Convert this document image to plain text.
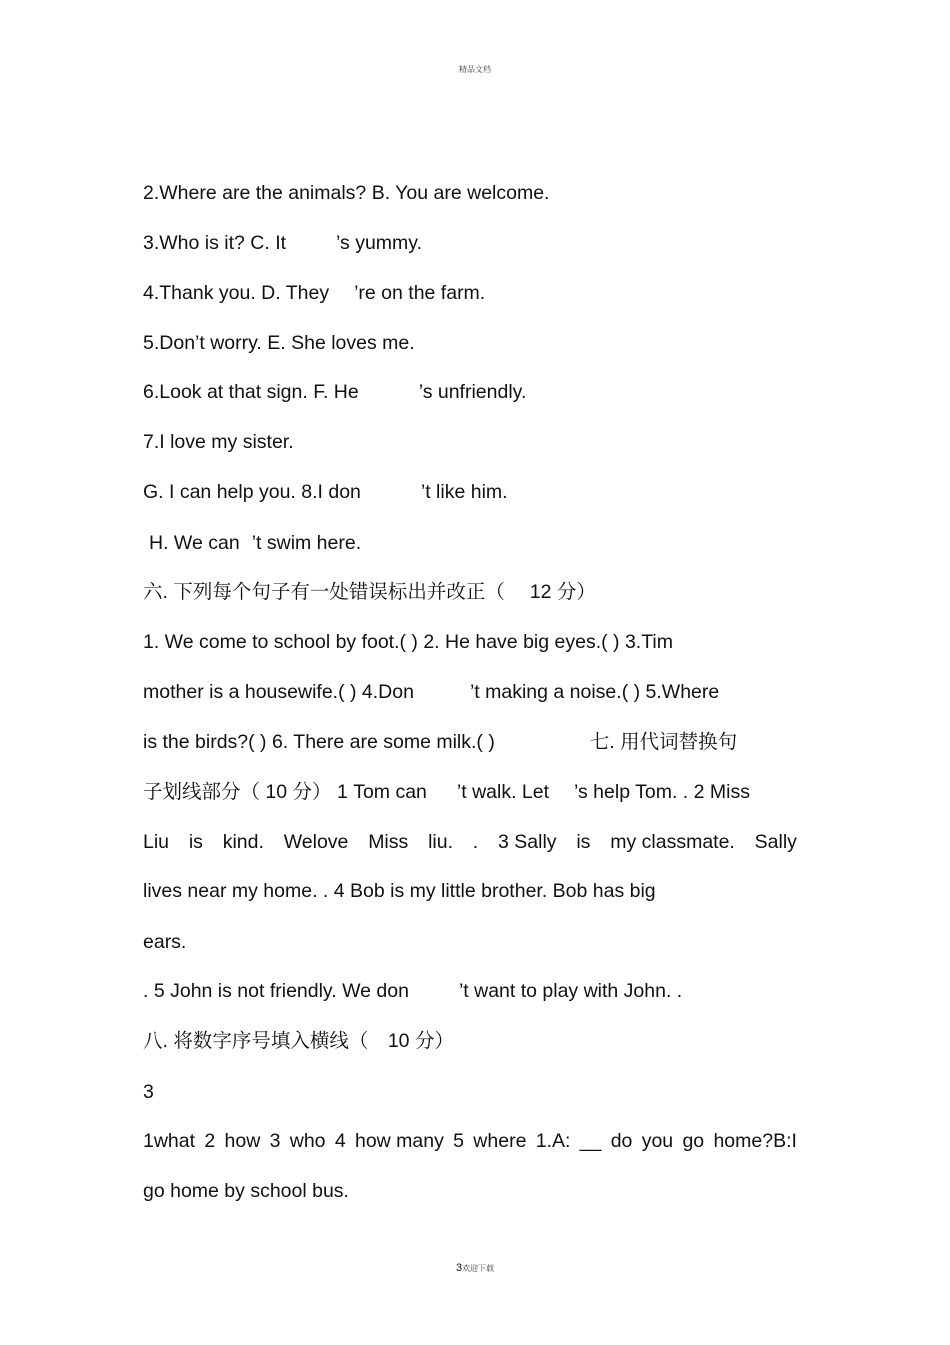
精品文档
2.Where are the animals? B. You are welcome.
3.Who is it? C. It	’s yummy.
4.Thank you. D. They ’re on the farm.
5.Don’t worry. E. She loves me.
6.Look at that sign. F. He	’s unfriendly.
7.I love my sister.
G. I can help you. 8.I don	’t like him.
H. We can ’t swim here.
六. 下列每个句子有一处错误标出并改正（　 12 分）
1. We come to school by foot.( ) 2. He have big eyes.( ) 3.Tim
mother is a housewife.( ) 4.Don	’t making a noise.( ) 5.Where
is the birds?( ) 6. There are some milk.( )	七. 用代词替换句
子划线部分（ 10 分） 1 Tom can ’t walk. Let ’s help Tom. . 2 Miss
Liu is kind. Welove Miss liu. . 3 Sally is my classmate. Sally
lives near my home. . 4 Bob is my little brother. Bob has big
ears.
. 5 John is not friendly. We don	’t want to play with John. .
八. 将数字序号填入横线（　10 分）
3
1what 2 how 3 who 4 how many 5 where 1.A: __ do you go home?B:I
go home by school bus.
3欢迎下载
